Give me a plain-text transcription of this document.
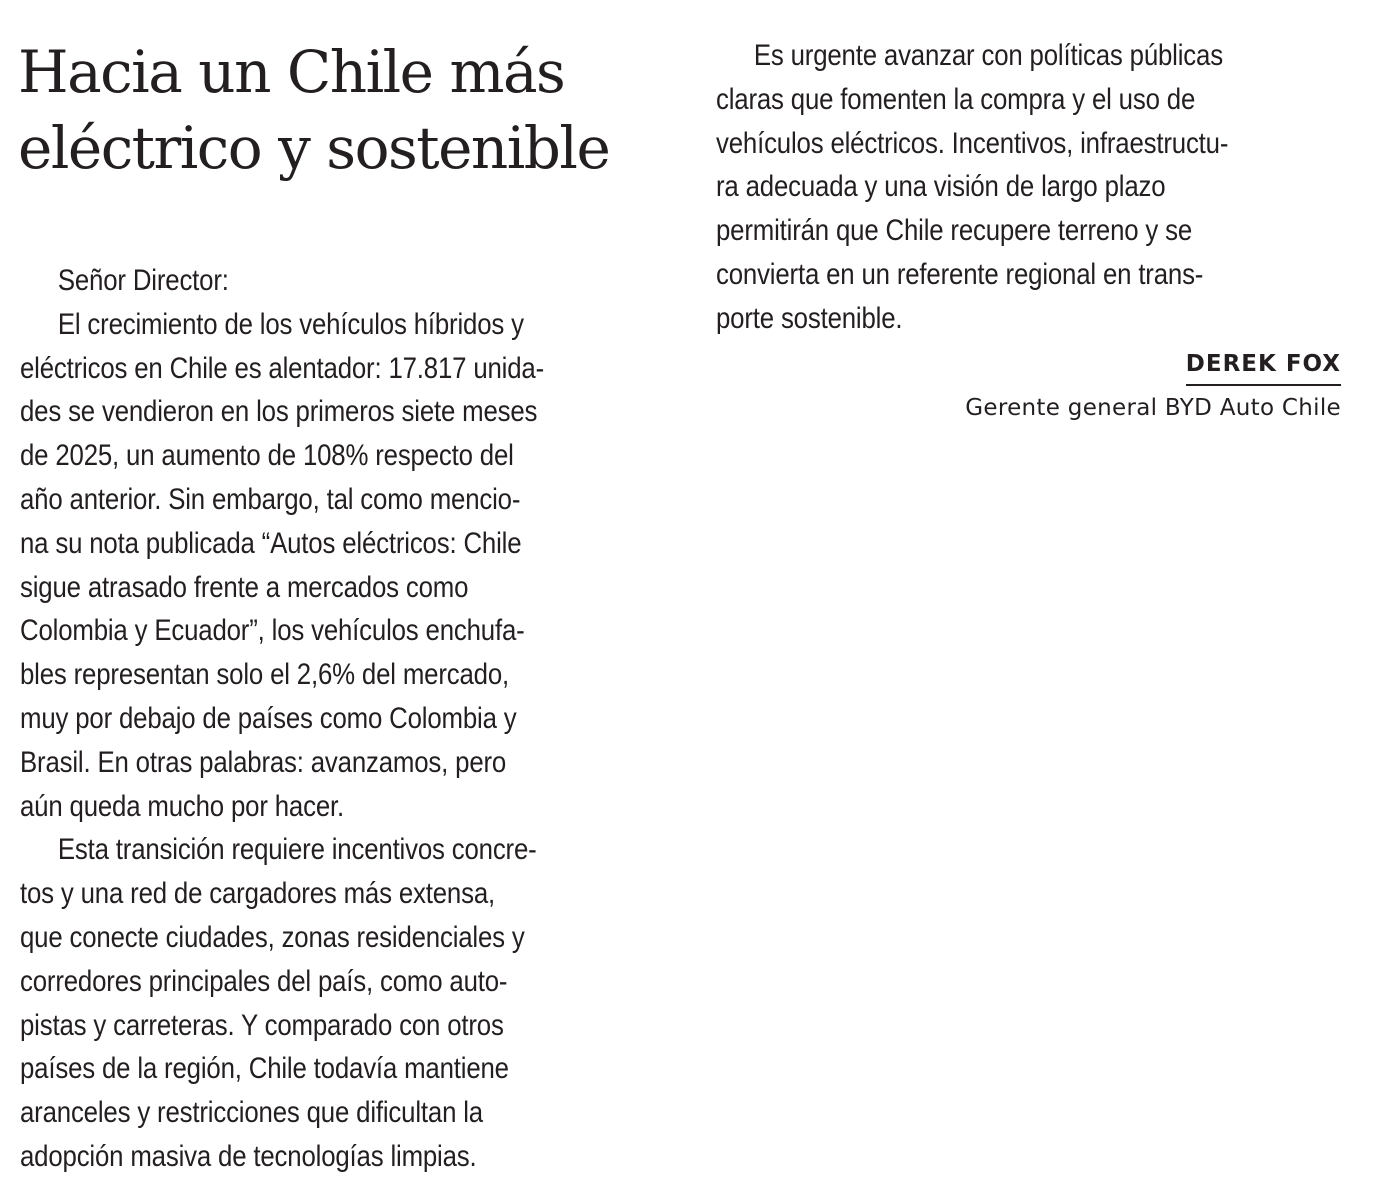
Hacia un Chile más
eléctrico y sostenible
Señor Director:
El crecimiento de los vehículos híbridos y
eléctricos en Chile es alentador: 17.817 unida-
des se vendieron en los primeros siete meses
de 2025, un aumento de 108% respecto del
año anterior. Sin embargo, tal como mencio-
na su nota publicada “Autos eléctricos: Chile
sigue atrasado frente a mercados como
Colombia y Ecuador”, los vehículos enchufa-
bles representan solo el 2,6% del mercado,
muy por debajo de países como Colombia y
Brasil. En otras palabras: avanzamos, pero
aún queda mucho por hacer.
Esta transición requiere incentivos concre-
tos y una red de cargadores más extensa,
que conecte ciudades, zonas residenciales y
corredores principales del país, como auto-
pistas y carreteras. Y comparado con otros
países de la región, Chile todavía mantiene
aranceles y restricciones que dificultan la
adopción masiva de tecnologías limpias.
Es urgente avanzar con políticas públicas
claras que fomenten la compra y el uso de
vehículos eléctricos. Incentivos, infraestructu-
ra adecuada y una visión de largo plazo
permitirán que Chile recupere terreno y se
convierta en un referente regional en trans-
porte sostenible.
DEREK FOX
Gerente general BYD Auto Chile
